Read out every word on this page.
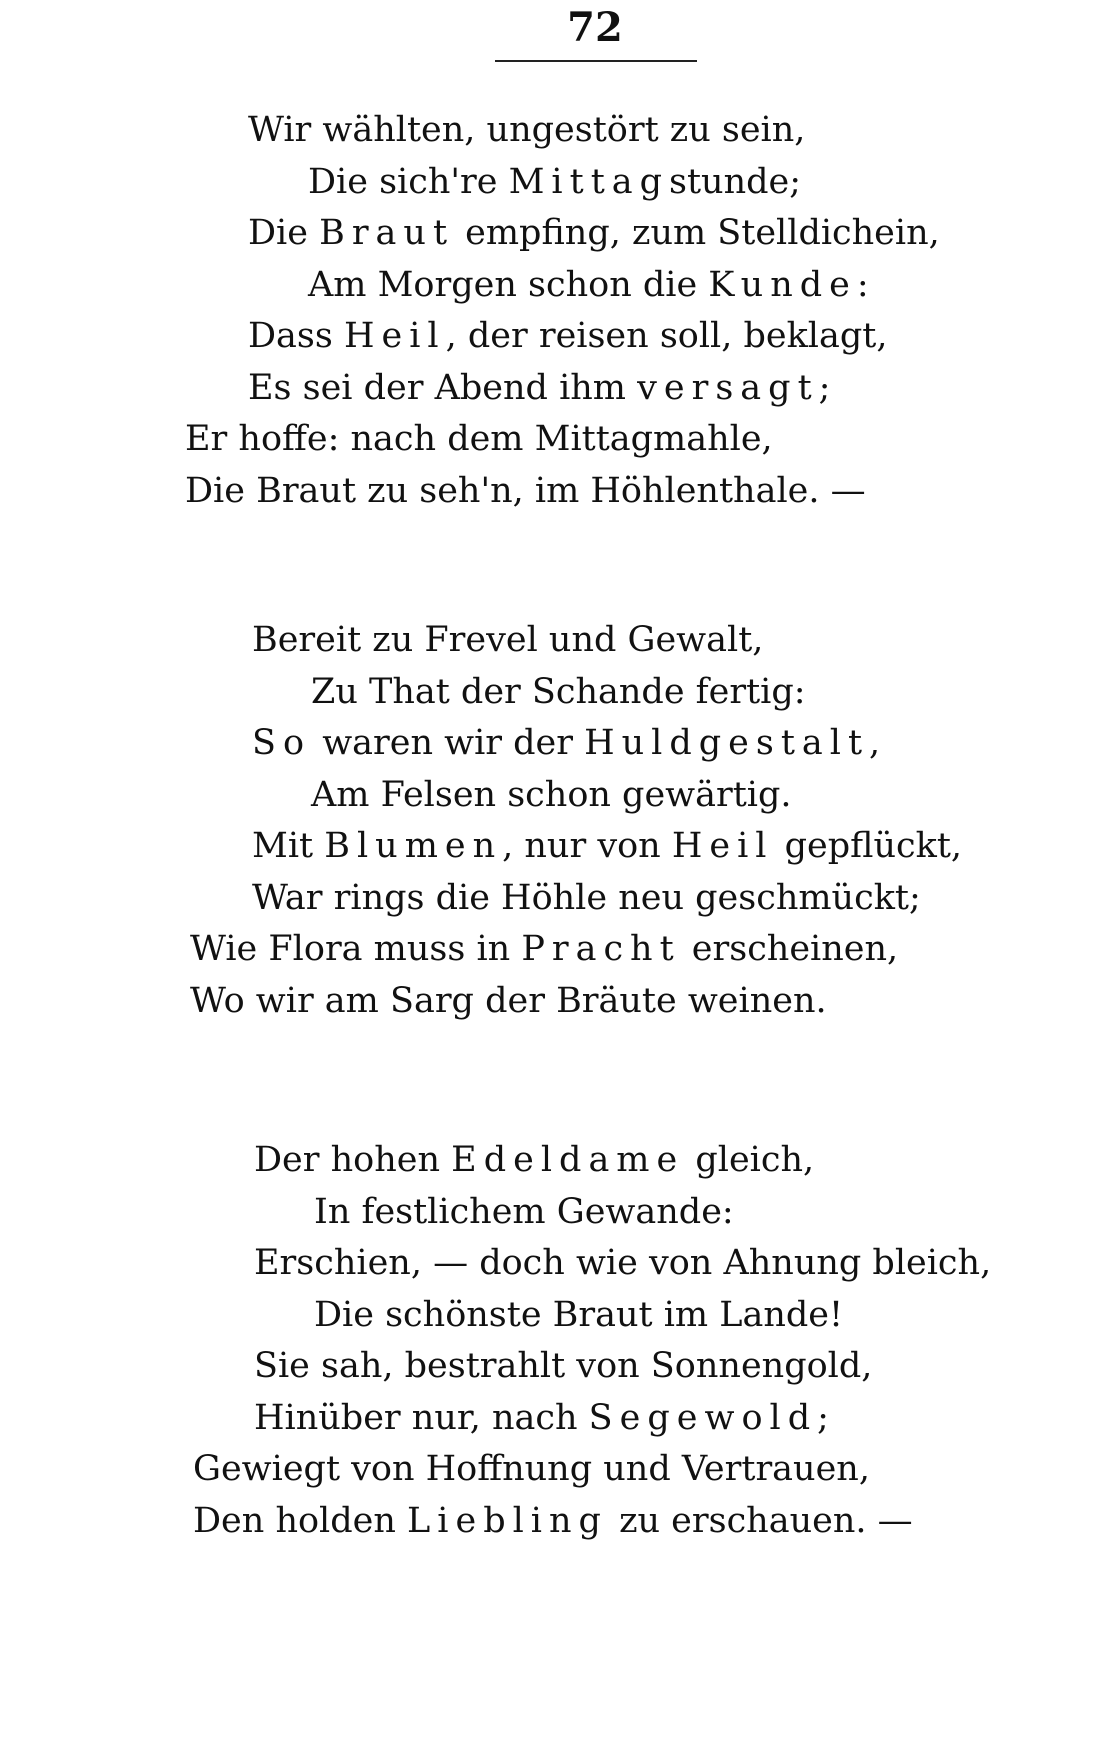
72
Wir wählten, ungestört zu sein,
Die sich're Mittagstunde;
Die Braut empfing, zum Stelldichein,
Am Morgen schon die Kunde:
Dass Heil, der reisen soll, beklagt,
Es sei der Abend ihm versagt;
Er hoffe: nach dem Mittagmahle,
Die Braut zu seh'n, im Höhlenthale. —
Bereit zu Frevel und Gewalt,
Zu That der Schande fertig:
So waren wir der Huldgestalt,
Am Felsen schon gewärtig.
Mit Blumen, nur von Heil gepflückt,
War rings die Höhle neu geschmückt;
Wie Flora muss in Pracht erscheinen,
Wo wir am Sarg der Bräute weinen.
Der hohen Edeldame gleich,
In festlichem Gewande:
Erschien, — doch wie von Ahnung bleich,
Die schönste Braut im Lande!
Sie sah, bestrahlt von Sonnengold,
Hinüber nur, nach Segewold;
Gewiegt von Hoffnung und Vertrauen,
Den holden Liebling zu erschauen. —
